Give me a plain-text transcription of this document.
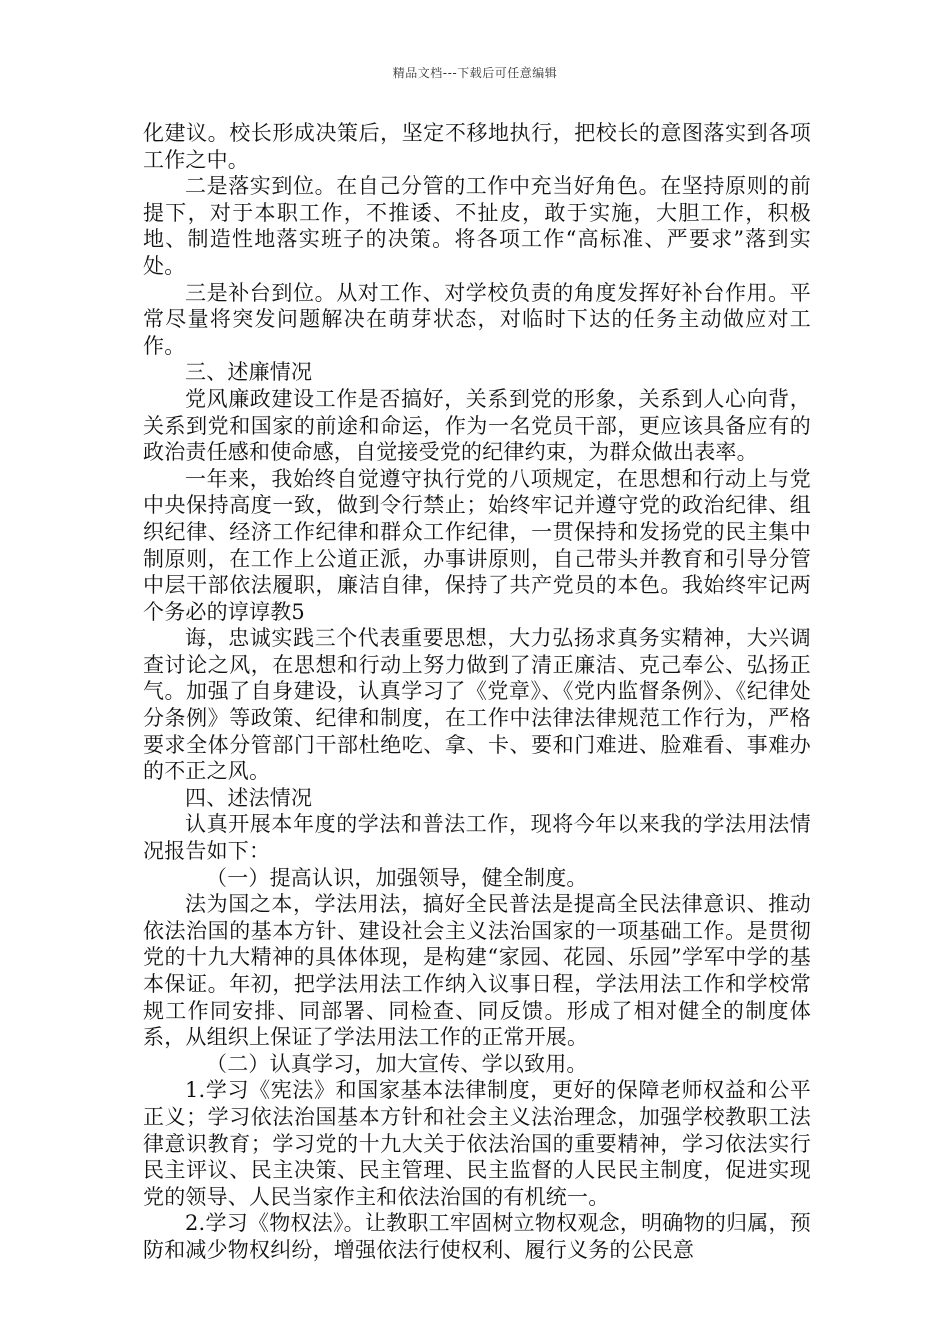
精品文档---下载后可任意编辑

化建议。校长形成决策后，坚定不移地执行，把校长的意图落实到各项工作之中。

二是落实到位。在自己分管的工作中充当好角色。在坚持原则的前提下，对于本职工作，不推诿、不扯皮，敢于实施，大胆工作，积极地、制造性地落实班子的决策。将各项工作“高标准、严要求”落到实处。

三是补台到位。从对工作、对学校负责的角度发挥好补台作用。平常尽量将突发问题解决在萌芽状态，对临时下达的任务主动做应对工作。

三、述廉情况

党风廉政建设工作是否搞好，关系到党的形象，关系到人心向背，关系到党和国家的前途和命运，作为一名党员干部，更应该具备应有的政治责任感和使命感，自觉接受党的纪律约束，为群众做出表率。

一年来，我始终自觉遵守执行党的八项规定，在思想和行动上与党中央保持高度一致，做到令行禁止；始终牢记并遵守党的政治纪律、组织纪律、经济工作纪律和群众工作纪律，一贯保持和发扬党的民主集中制原则，在工作上公道正派，办事讲原则，自己带头并教育和引导分管中层干部依法履职，廉洁自律，保持了共产党员的本色。我始终牢记两个务必的谆谆教5

诲，忠诚实践三个代表重要思想，大力弘扬求真务实精神，大兴调查讨论之风，在思想和行动上努力做到了清正廉洁、克己奉公、弘扬正气。加强了自身建设，认真学习了《党章》、《党内监督条例》、《纪律处分条例》等政策、纪律和制度，在工作中法律法律规范工作行为，严格要求全体分管部门干部杜绝吃、拿、卡、要和门难进、脸难看、事难办的不正之风。

四、述法情况

认真开展本年度的学法和普法工作，现将今年以来我的学法用法情况报告如下：

（一）提高认识，加强领导，健全制度。

法为国之本，学法用法，搞好全民普法是提高全民法律意识、推动依法治国的基本方针、建设社会主义法治国家的一项基础工作。是贯彻党的十九大精神的具体体现，是构建“家园、花园、乐园”学军中学的基本保证。年初，把学法用法工作纳入议事日程，学法用法工作和学校常规工作同安排、同部署、同检查、同反馈。形成了相对健全的制度体系，从组织上保证了学法用法工作的正常开展。

（二）认真学习，加大宣传、学以致用。

1.学习《宪法》和国家基本法律制度，更好的保障老师权益和公平正义；学习依法治国基本方针和社会主义法治理念，加强学校教职工法律意识教育；学习党的十九大关于依法治国的重要精神，学习依法实行民主评议、民主决策、民主管理、民主监督的人民民主制度，促进实现党的领导、人民当家作主和依法治国的有机统一。

2.学习《物权法》。让教职工牢固树立物权观念，明确物的归属，预防和减少物权纠纷，增强依法行使权利、履行义务的公民意
